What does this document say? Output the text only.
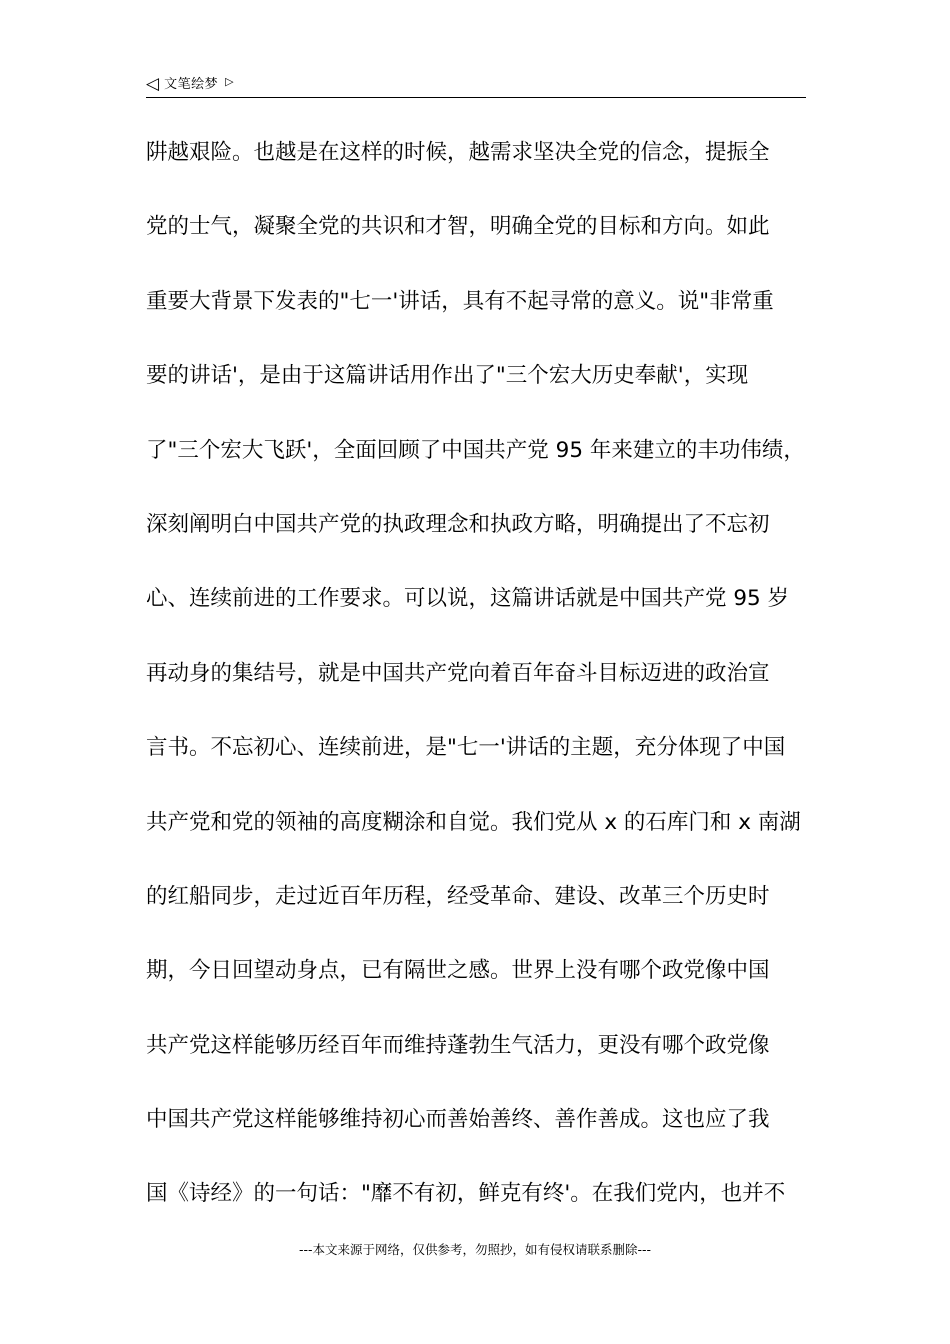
◁ 文笔绘梦 ▷
阱越艰险。也越是在这样的时候，越需求坚决全党的信念，提振全
党的士气，凝聚全党的共识和才智，明确全党的目标和方向。如此
重要大背景下发表的"七一'讲话，具有不起寻常的意义。说"非常重
要的讲话'，是由于这篇讲话用作出了"三个宏大历史奉献'，实现
了"三个宏大飞跃'，全面回顾了中国共产党 95 年来建立的丰功伟绩，
深刻阐明白中国共产党的执政理念和执政方略，明确提出了不忘初
心、连续前进的工作要求。可以说，这篇讲话就是中国共产党 95 岁
再动身的集结号，就是中国共产党向着百年奋斗目标迈进的政治宣
言书。不忘初心、连续前进，是"七一'讲话的主题，充分体现了中国
共产党和党的领袖的高度糊涂和自觉。我们党从 x 的石库门和 x 南湖
的红船同步，走过近百年历程，经受革命、建设、改革三个历史时
期，今日回望动身点，已有隔世之感。世界上没有哪个政党像中国
共产党这样能够历经百年而维持蓬勃生气活力，更没有哪个政党像
中国共产党这样能够维持初心而善始善终、善作善成。这也应了我
国《诗经》的一句话："靡不有初，鲜克有终'。在我们党内，也并不
---本文来源于网络，仅供参考，勿照抄，如有侵权请联系删除---
